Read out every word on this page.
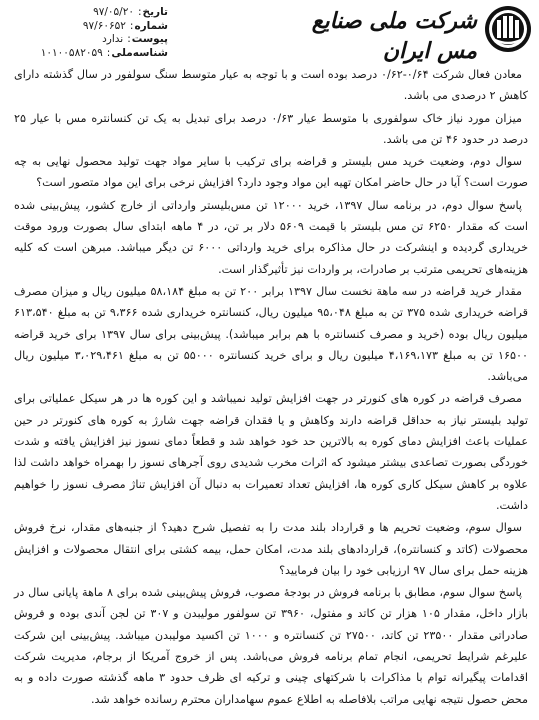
شرکت ملی صنایع مس ایران
تاریخ
:
۹۷/۰۵/۲۰
شماره
:
۹۷/۶۰۶۵۲
پیوست
:
ندارد
شناسه‌ملی
:
۱۰۱۰۰۵۸۲۰۵۹

معادن فعال شرکت ۰/۶۴-۰/۶۲ درصد بوده است و با توجه به عیار متوسط سنگ سولفور در سال گذشته دارای کاهش ۲ درصدی می باشد.

میزان مورد نیاز خاک سولفوری با متوسط عیار ۰/۶۳ درصد برای تبدیل به یک تن کنسانتره مس با عیار ۲۵ درصد در حدود ۴۶ تن می باشد.

سوال دوم، وضعیت خرید مس بلیستر و قراضه برای ترکیب با سایر مواد جهت تولید محصول نهایی به چه صورت است؟ آیا در حال حاضر امکان تهیه این مواد وجود دارد؟ افزایش نرخی برای این مواد متصور است؟

پاسخ سوال دوم، در برنامه سال ۱۳۹۷، خرید ۱۲۰۰۰ تن مس‌بلیستر وارداتی از خارج کشور، پیش‌بینی شده است که مقدار ۶۲۵۰ تن مس بلیستر با قیمت ۵۶۰۹ دلار بر تن، در ۴ ماهه ابتدای سال بصورت ورود موقت خریداری گردیده و اینشرکت در حال مذاکره برای خرید وارداتی ۶۰۰۰ تن دیگر میباشد. مبرهن است که کلیه هزینه‌های تحریمی مترتب بر صادرات، بر واردات نیز تأثیرگذار است.

مقدار خرید قراضه در سه ماهة نخست سال ۱۳۹۷ برابر ۲۰۰ تن به مبلغ ۵۸،۱۸۴ میلیون ریال و میزان مصرف قراضه خریداری شده ۳۷۵ تن به مبلغ ۹۵،۰۴۸ میلیون ریال، کنسانتره خریداری شده ۹،۳۶۶ تن به مبلغ ۶۱۳،۵۴۰ میلیون ریال بوده (خرید و مصرف کنسانتره با هم برابر میباشد). پیش‌بینی برای سال ۱۳۹۷ برای خرید قراضه ۱۶۵۰۰ تن به مبلغ ۴،۱۶۹،۱۷۳ میلیون ریال و برای خرید کنسانتره ۵۵۰۰۰ تن به مبلغ ۳،۰۲۹،۴۶۱ میلیون ریال می‌باشد.

مصرف قراضه در کوره های کنورتر در جهت افزایش تولید نمیباشد و این کوره ها در هر سیکل عملیاتی برای تولید بلیستر نیاز به حداقل قراضه دارند وکاهش و یا فقدان قراضه جهت شارژ به کوره های کنورتر در حین عملیات باعث افزایش دمای کوره به بالاترین حد خود خواهد شد و قطعاً دمای نسوز نیز افزایش یافته و شدت خوردگی بصورت تصاعدی بیشتر میشود که اثرات مخرب شدیدی روی آجرهای نسوز را بهمراه خواهد داشت لذا علاوه بر کاهش سیکل کاری کوره ها، افزایش تعداد تعمیرات به دنبال آن افزایش تناژ مصرف نسوز را خواهیم داشت.

سوال سوم، وضعیت تحریم ها و قرارداد بلند مدت را به تفصیل شرح دهید؟ از جنبه‌های مقدار، نرخ فروش محصولات (کاتد و کنسانتره)، قراردادهای بلند مدت، امکان حمل، بیمه کشتی برای انتقال محصولات و افزایش هزینه حمل برای سال ۹۷ ارزیابی خود را بیان فرمایید؟

پاسخ سوال سوم، مطابق با برنامه فروش در بودجهٔ مصوب، فروش پیش‌بینی شده برای ۸ ماهة پایانی سال در بازار داخل، مقدار ۱۰۵ هزار تن کاتد و مفتول، ۳۹۶۰ تن سولفور مولیبدن و ۳۰۷ تن لجن آندی بوده و فروش صادراتی مقدار ۲۳۵۰۰ تن کاتد، ۲۷۵۰۰ تن کنسانتره و ۱۰۰۰ تن اکسید مولیبدن میباشد. پیش‌بینی این شرکت علیرغم شرایط تحریمی، انجام تمام برنامه فروش می‌باشد. پس از خروج آمریکا از برجام، مدیریت شرکت اقدامات پیگیرانه توام با مذاکرات با شرکتهای چینی و ترکیه ای ظرف حدود ۳ ماهه گذشته صورت داده و به محض حصول نتیجه نهایی مراتب بلافاصله به اطلاع عموم سهامداران محترم رسانده خواهد شد.
